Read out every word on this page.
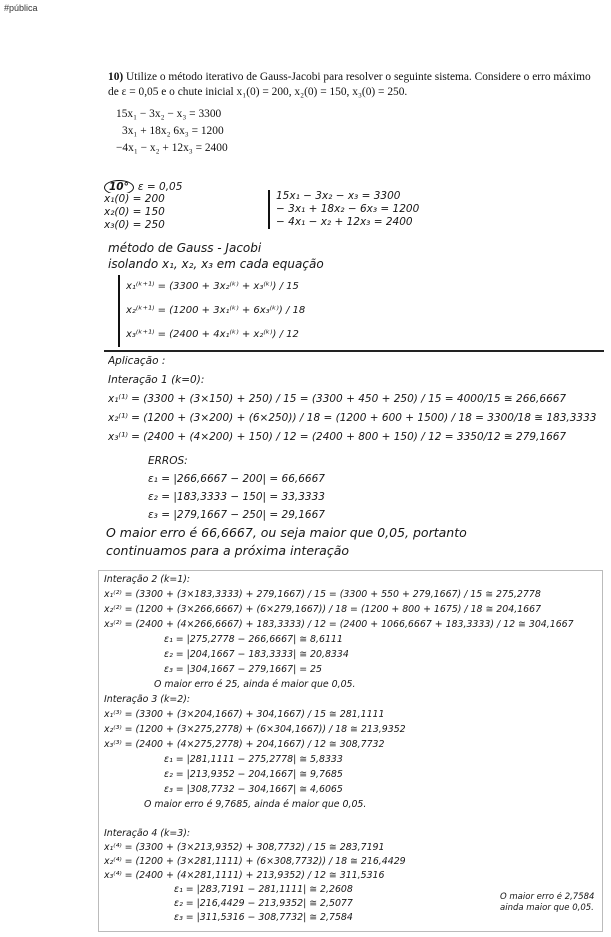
#pública
10) Utilize o método iterativo de Gauss-Jacobi para resolver o seguinte sistema. Considere o erro máximo de ε = 0,05 e o chute inicial x₁(0) = 200, x₂(0) = 150, x₃(0) = 250.
15x₁ − 3x₂ − x₃ = 3300
3x₁ + 18x₂ 6x₃ = 1200
−4x₁ − x₂ + 12x₃ = 2400
10° ε = 0,05
x₁(0) = 200
x₂(0) = 150
x₃(0) = 250
15x₁ − 3x₂ − x₃ = 3300
− 3x₁ + 18x₂ − 6x₃ = 1200
− 4x₁ − x₂ + 12x₃ = 2400
método de Gauss - Jacobi
isolando x₁, x₂, x₃ em cada equação
x₁⁽ᵏ⁺¹⁾ = (3300 + 3x₂⁽ᵏ⁾ + x₃⁽ᵏ⁾) / 15
x₂⁽ᵏ⁺¹⁾ = (1200 + 3x₁⁽ᵏ⁾ + 6x₃⁽ᵏ⁾) / 18
x₃⁽ᵏ⁺¹⁾ = (2400 + 4x₁⁽ᵏ⁾ + x₂⁽ᵏ⁾) / 12
Aplicação :
Interação 1 (k=0):
x₁⁽¹⁾ = (3300 + (3×150) + 250) / 15 = (3300 + 450 + 250) / 15 = 4000/15 ≅ 266,6667
x₂⁽¹⁾ = (1200 + (3×200) + (6×250)) / 18 = (1200 + 600 + 1500) / 18 = 3300/18 ≅ 183,3333
x₃⁽¹⁾ = (2400 + (4×200) + 150) / 12 = (2400 + 800 + 150) / 12 = 3350/12 ≅ 279,1667
ERROS:
ε₁ = |266,6667 − 200| = 66,6667
ε₂ = |183,3333 − 150| = 33,3333
ε₃ = |279,1667 − 250| = 29,1667
O maior erro é 66,6667, ou seja maior que 0,05, portanto
continuamos para a próxima interação
Interação 2 (k=1):
x₁⁽²⁾ = (3300 + (3×183,3333) + 279,1667) / 15 = (3300 + 550 + 279,1667) / 15 ≅ 275,2778
x₂⁽²⁾ = (1200 + (3×266,6667) + (6×279,1667)) / 18 = (1200 + 800 + 1675) / 18 ≅ 204,1667
x₃⁽²⁾ = (2400 + (4×266,6667) + 183,3333) / 12 = (2400 + 1066,6667 + 183,3333) / 12 ≅ 304,1667
ε₁ = |275,2778 − 266,6667| ≅ 8,6111
ε₂ = |204,1667 − 183,3333| ≅ 20,8334
ε₃ = |304,1667 − 279,1667| = 25
O maior erro é 25, ainda é maior que 0,05.
Interação 3 (k=2):
x₁⁽³⁾ = (3300 + (3×204,1667) + 304,1667) / 15 ≅ 281,1111
x₂⁽³⁾ = (1200 + (3×275,2778) + (6×304,1667)) / 18 ≅ 213,9352
x₃⁽³⁾ = (2400 + (4×275,2778) + 204,1667) / 12 ≅ 308,7732
ε₁ = |281,1111 − 275,2778| ≅ 5,8333
ε₂ = |213,9352 − 204,1667| ≅ 9,7685
ε₃ = |308,7732 − 304,1667| ≅ 4,6065
O maior erro é 9,7685, ainda é maior que 0,05.
Interação 4 (k=3):
x₁⁽⁴⁾ = (3300 + (3×213,9352) + 308,7732) / 15 ≅ 283,7191
x₂⁽⁴⁾ = (1200 + (3×281,1111) + (6×308,7732)) / 18 ≅ 216,4429
x₃⁽⁴⁾ = (2400 + (4×281,1111) + 213,9352) / 12 ≅ 311,5316
ε₁ = |283,7191 − 281,1111| ≅ 2,2608
ε₂ = |216,4429 − 213,9352| ≅ 2,5077
ε₃ = |311,5316 − 308,7732| ≅ 2,7584
O maior erro é 2,7584
ainda maior que 0,05.
